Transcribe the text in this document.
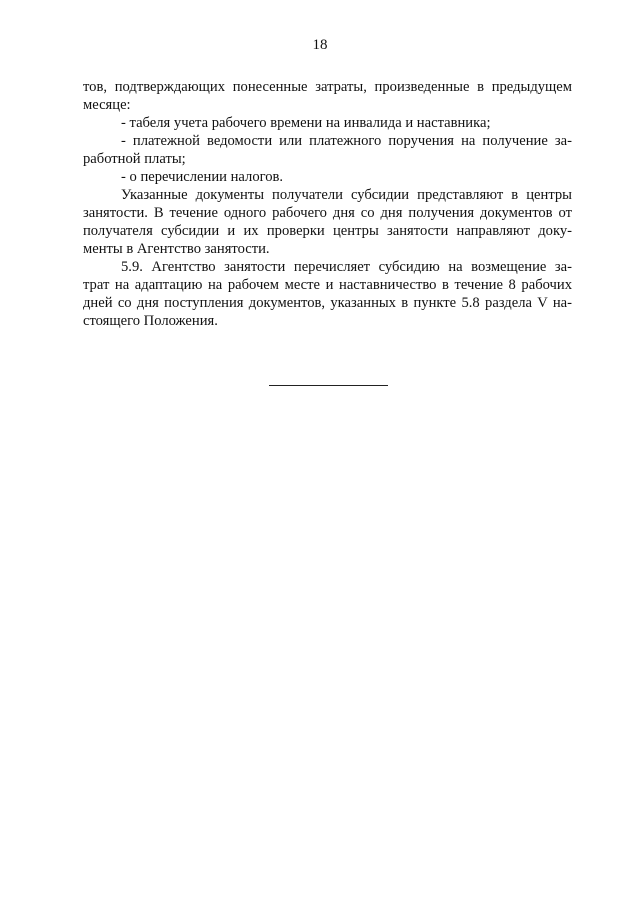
18

тов, подтверждающих понесенные затраты, произведенные в предыдущем
месяце:

- табеля учета рабочего времени на инвалида и наставника;

- платежной ведомости или платежного поручения на получение за-
работной платы;

- о перечислении налогов.

Указанные документы получатели субсидии представляют в центры
занятости. В течение одного рабочего дня со дня получения документов от
получателя субсидии и их проверки центры занятости направляют доку-
менты в Агентство занятости.

5.9. Агентство занятости перечисляет субсидию на возмещение за-
трат на адаптацию на рабочем месте и наставничество в течение 8 рабочих
дней со дня поступления документов, указанных в пункте 5.8 раздела V на-
стоящего Положения.
